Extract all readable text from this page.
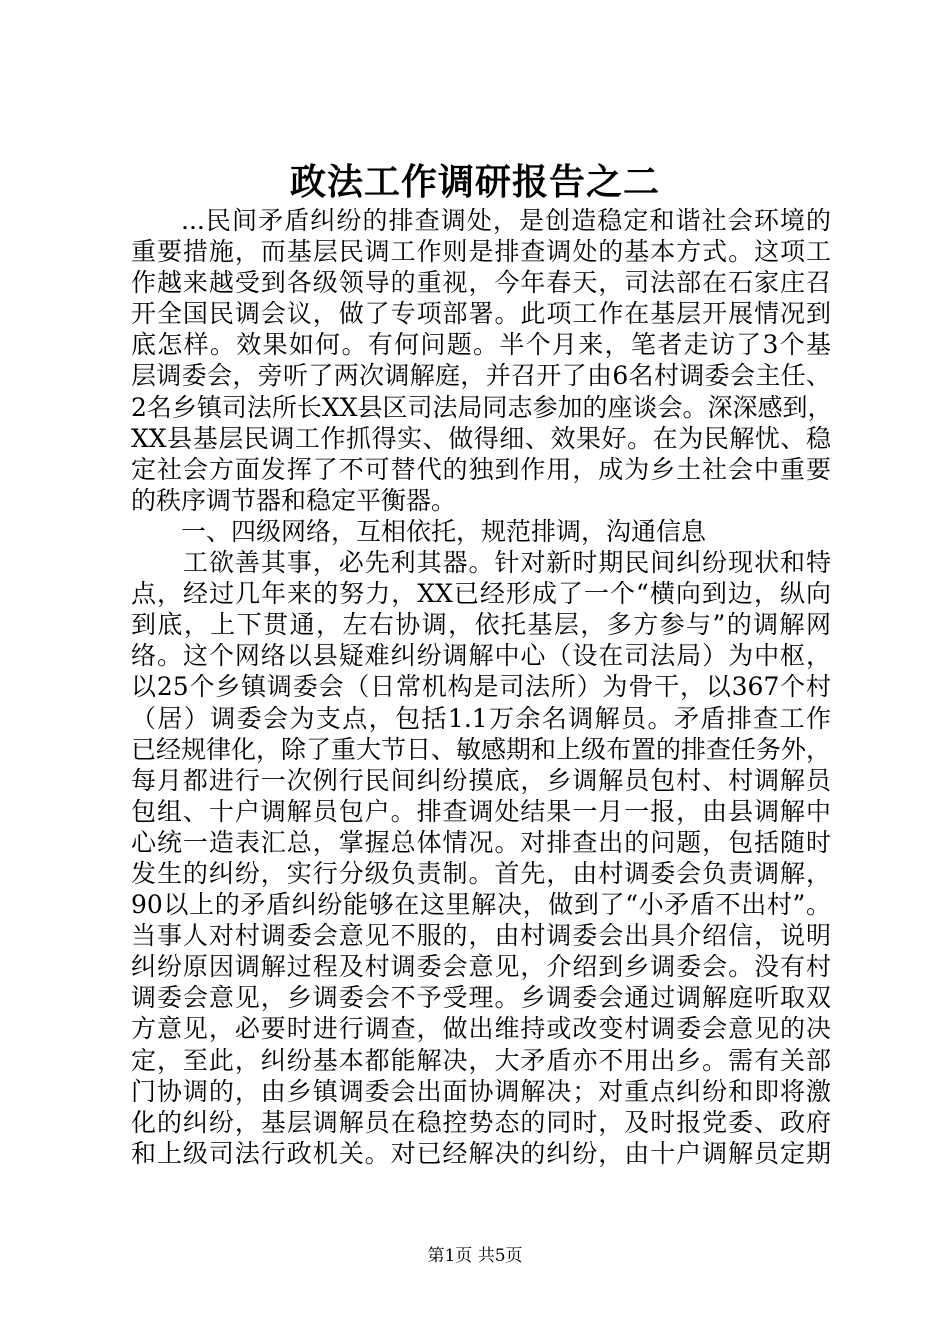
政法工作调研报告之二
...民间矛盾纠纷的排查调处，是创造稳定和谐社会环境的
重要措施，而基层民调工作则是排查调处的基本方式。这项工
作越来越受到各级领导的重视，今年春天，司法部在石家庄召
开全国民调会议，做了专项部署。此项工作在基层开展情况到
底怎样。效果如何。有何问题。半个月来，笔者走访了3个基
层调委会，旁听了两次调解庭，并召开了由6名村调委会主任、
2名乡镇司法所长XX县区司法局同志参加的座谈会。深深感到，
XX县基层民调工作抓得实、做得细、效果好。在为民解忧、稳
定社会方面发挥了不可替代的独到作用，成为乡土社会中重要
的秩序调节器和稳定平衡器。
一、四级网络，互相依托，规范排调，沟通信息
工欲善其事，必先利其器。针对新时期民间纠纷现状和特
点，经过几年来的努力，XX已经形成了一个“横向到边，纵向
到底，上下贯通，左右协调，依托基层，多方参与”的调解网
络。这个网络以县疑难纠纷调解中心（设在司法局）为中枢，
以25个乡镇调委会（日常机构是司法所）为骨干，以367个村
（居）调委会为支点，包括1.1万余名调解员。矛盾排查工作
已经规律化，除了重大节日、敏感期和上级布置的排查任务外，
每月都进行一次例行民间纠纷摸底，乡调解员包村、村调解员
包组、十户调解员包户。排查调处结果一月一报，由县调解中
心统一造表汇总，掌握总体情况。对排查出的问题，包括随时
发生的纠纷，实行分级负责制。首先，由村调委会负责调解，
90以上的矛盾纠纷能够在这里解决，做到了“小矛盾不出村”。
当事人对村调委会意见不服的，由村调委会出具介绍信，说明
纠纷原因调解过程及村调委会意见，介绍到乡调委会。没有村
调委会意见，乡调委会不予受理。乡调委会通过调解庭听取双
方意见，必要时进行调查，做出维持或改变村调委会意见的决
定，至此，纠纷基本都能解决，大矛盾亦不用出乡。需有关部
门协调的，由乡镇调委会出面协调解决；对重点纠纷和即将激
化的纠纷，基层调解员在稳控势态的同时，及时报党委、政府
和上级司法行政机关。对已经解决的纠纷，由十户调解员定期
第1页 共5页
